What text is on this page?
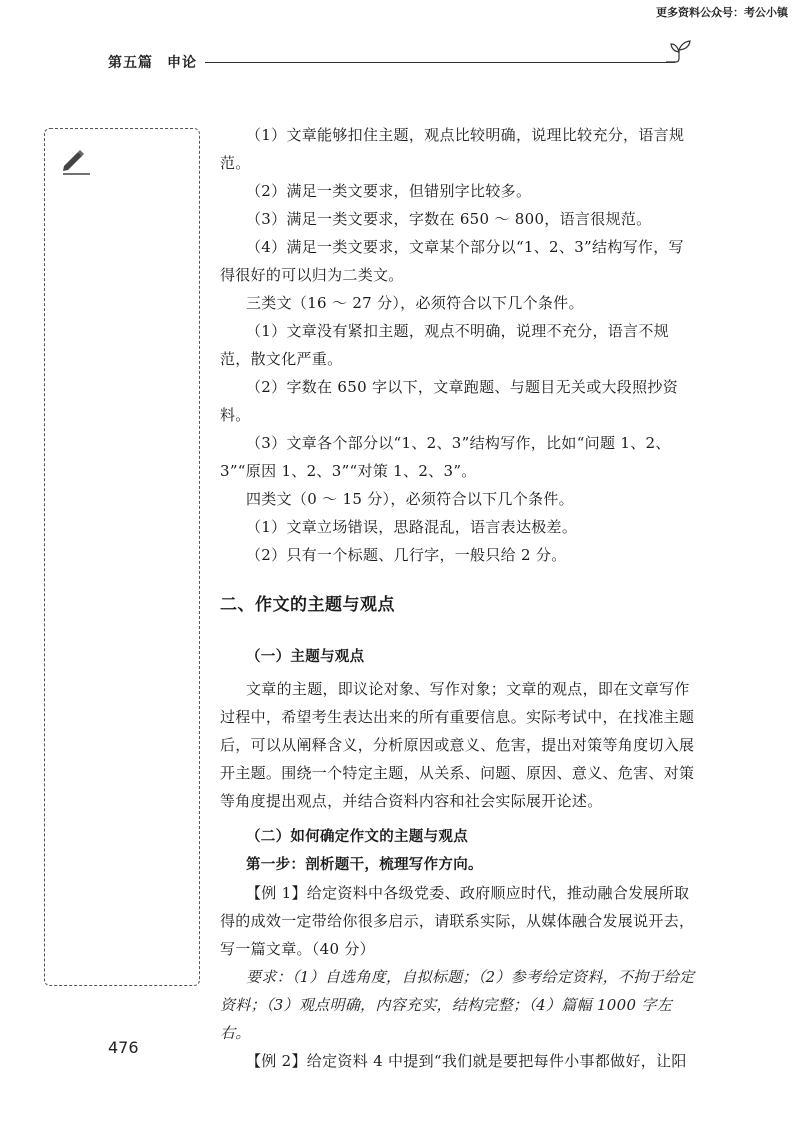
更多资料公众号：考公小镇
第五篇 申论

（1）文章能够扣住主题，观点比较明确，说理比较充分，语言规范。

（2）满足一类文要求，但错别字比较多。

（3）满足一类文要求，字数在 650 ～ 800，语言很规范。

（4）满足一类文要求，文章某个部分以“1、2、3”结构写作，写得很好的可以归为二类文。

三类文（16 ～ 27 分），必须符合以下几个条件。

（1）文章没有紧扣主题，观点不明确，说理不充分，语言不规范，散文化严重。

（2）字数在 650 字以下，文章跑题、与题目无关或大段照抄资料。

（3）文章各个部分以“1、2、3”结构写作，比如“问题 1、2、3”“原因 1、2、3”“对策 1、2、3”。

四类文（0 ～ 15 分），必须符合以下几个条件。

（1）文章立场错误，思路混乱，语言表达极差。

（2）只有一个标题、几行字，一般只给 2 分。

二、作文的主题与观点

（一）主题与观点

文章的主题，即议论对象、写作对象；文章的观点，即在文章写作过程中，希望考生表达出来的所有重要信息。实际考试中，在找准主题后，可以从阐释含义，分析原因或意义、危害，提出对策等角度切入展开主题。围绕一个特定主题，从关系、问题、原因、意义、危害、对策等角度提出观点，并结合资料内容和社会实际展开论述。

（二）如何确定作文的主题与观点

第一步：剖析题干，梳理写作方向。

【例 1】给定资料中各级党委、政府顺应时代，推动融合发展所取得的成效一定带给你很多启示，请联系实际，从媒体融合发展说开去，写一篇文章。（40 分）

要求：（1）自选角度，自拟标题；（2）参考给定资料，不拘于给定资料；（3）观点明确，内容充实，结构完整；（4）篇幅 1000 字左右。

【例 2】给定资料 4 中提到“我们就是要把每件小事都做好，让阳

476
